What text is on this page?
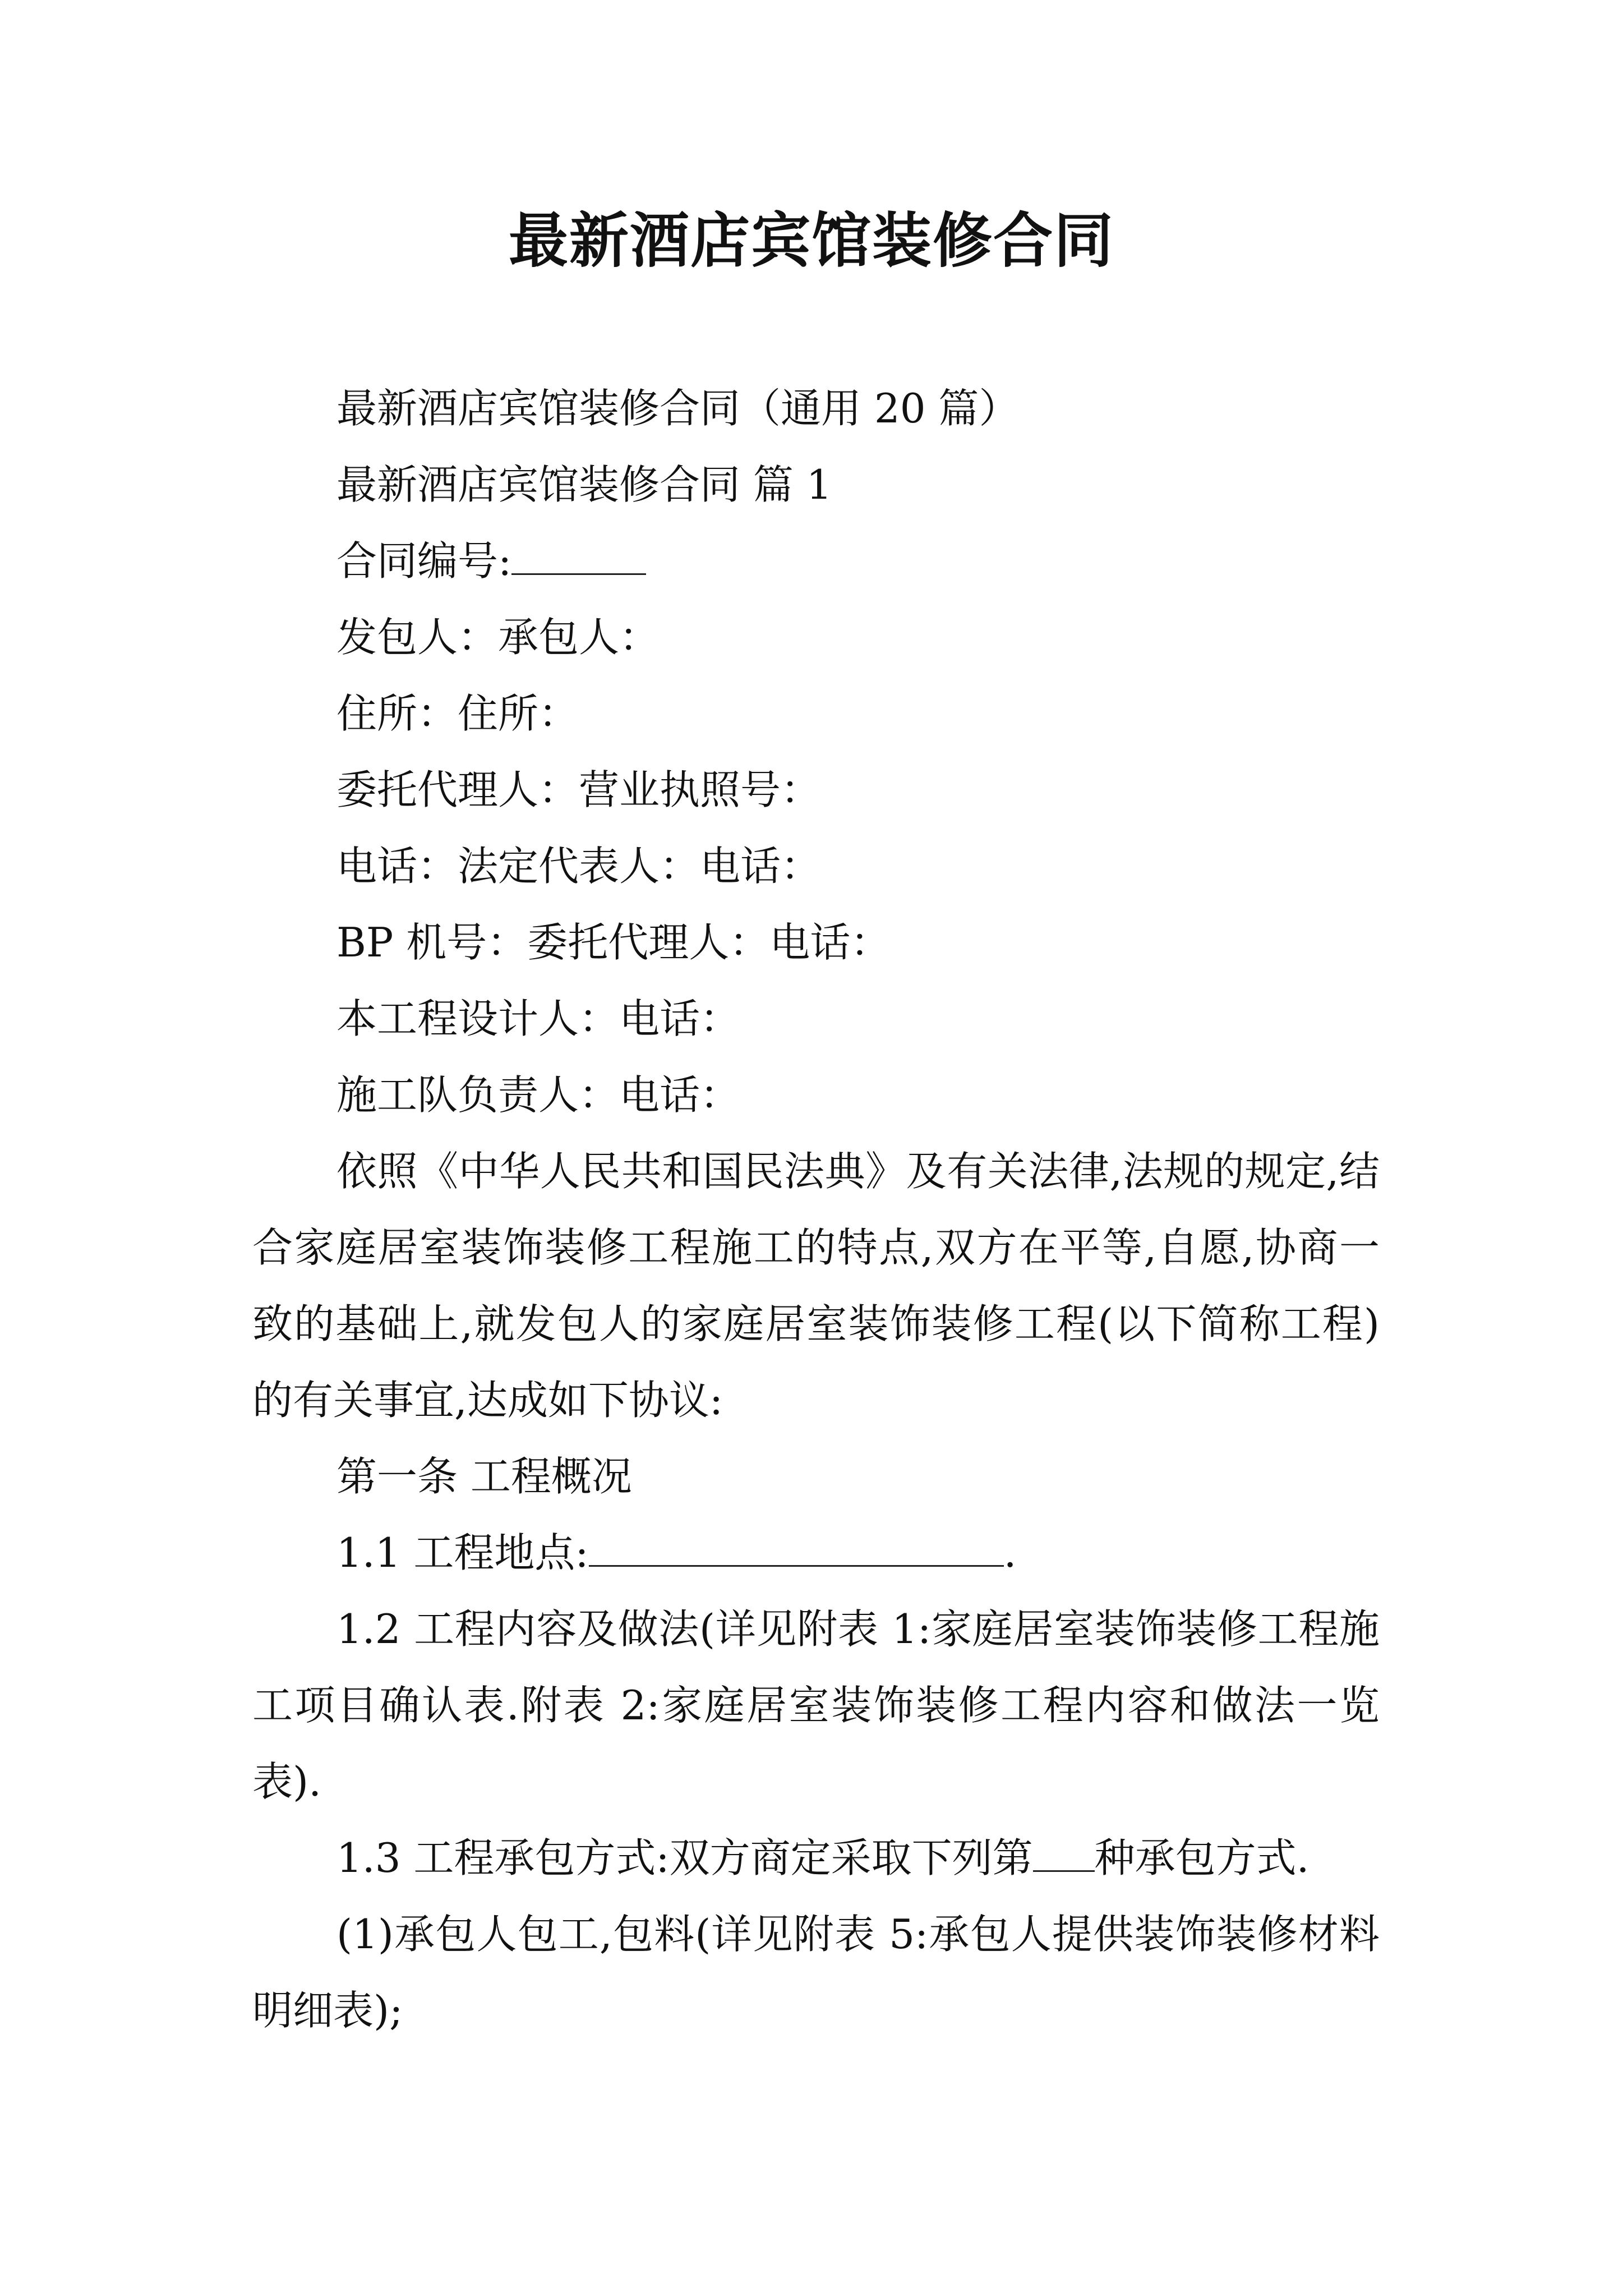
最新酒店宾馆装修合同

最新酒店宾馆装修合同（通用 20 篇）

最新酒店宾馆装修合同 篇 1

合同编号:

发包人：承包人：

住所：住所：

委托代理人：营业执照号：

电话：法定代表人：电话：

BP 机号：委托代理人：电话：

本工程设计人：电话：

施工队负责人：电话：

依照《中华人民共和国民法典》及有关法律,法规的规定,结合家庭居室装饰装修工程施工的特点,双方在平等,自愿,协商一致的基础上,就发包人的家庭居室装饰装修工程(以下简称工程)的有关事宜,达成如下协议:

第一条 工程概况

1.1 工程地点:	.

1.2 工程内容及做法(详见附表 1:家庭居室装饰装修工程施工项目确认表.附表 2:家庭居室装饰装修工程内容和做法一览表).

1.3 工程承包方式:双方商定采取下列第 种承包方式.

(1)承包人包工,包料(详见附表 5:承包人提供装饰装修材料明细表);
